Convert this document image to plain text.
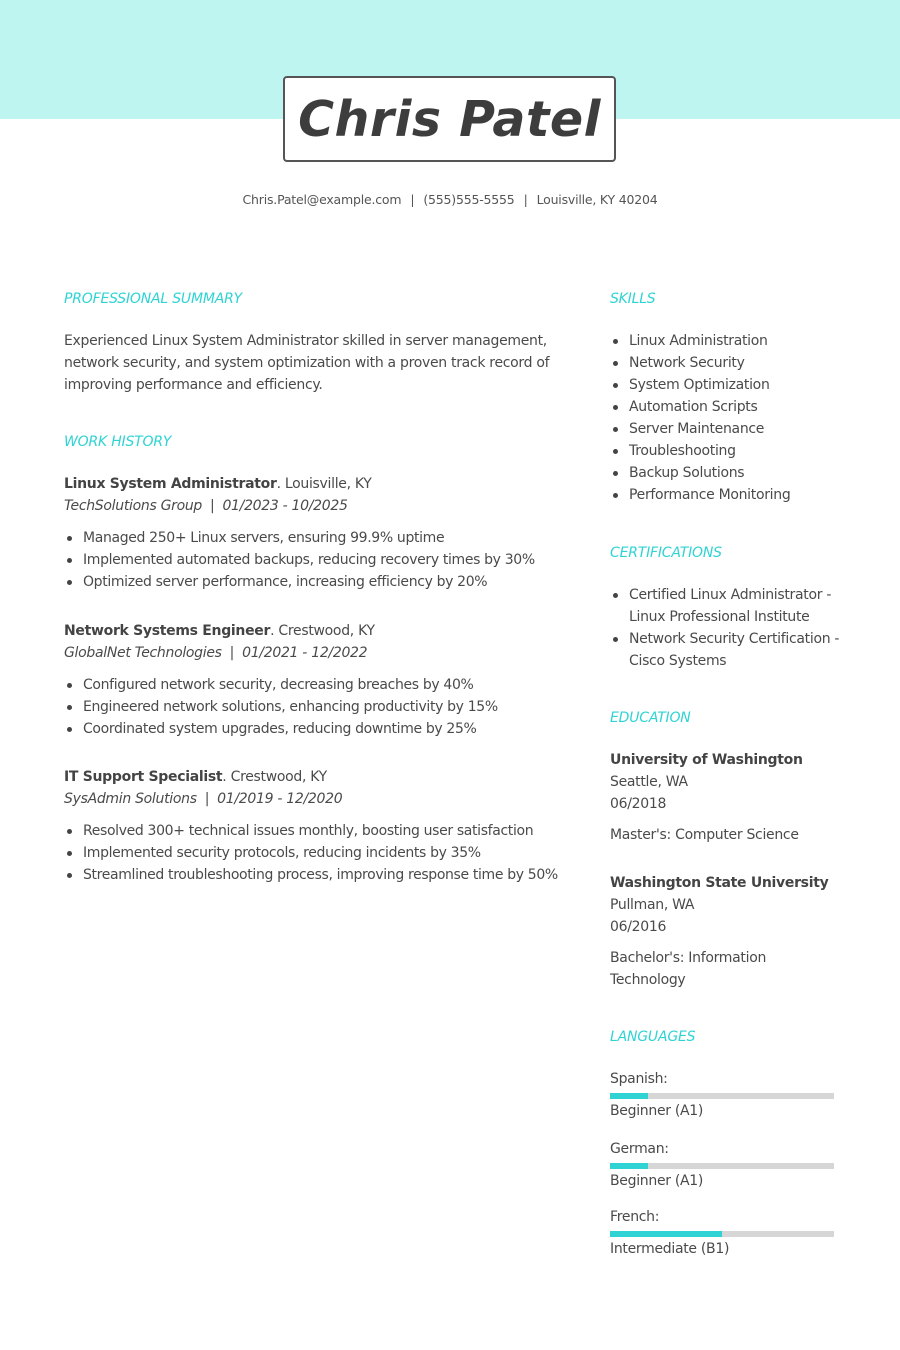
Chris Patel
Chris.Patel@example.com | (555)555-5555 | Louisville, KY 40204
PROFESSIONAL SUMMARY

Experienced Linux System Administrator skilled in server management, network security, and system optimization with a proven track record of improving performance and efficiency.

WORK HISTORY
Linux System Administrator. Louisville, KY
TechSolutions Group | 01/2023 - 10/2025
Managed 250+ Linux servers, ensuring 99.9% uptime
Implemented automated backups, reducing recovery times by 30%
Optimized server performance, increasing efficiency by 20%
Network Systems Engineer. Crestwood, KY
GlobalNet Technologies | 01/2021 - 12/2022
Configured network security, decreasing breaches by 40%
Engineered network solutions, enhancing productivity by 15%
Coordinated system upgrades, reducing downtime by 25%
IT Support Specialist. Crestwood, KY
SysAdmin Solutions | 01/2019 - 12/2020
Resolved 300+ technical issues monthly, boosting user satisfaction
Implemented security protocols, reducing incidents by 35%
Streamlined troubleshooting process, improving response time by 50%
SKILLS
Linux Administration
Network Security
System Optimization
Automation Scripts
Server Maintenance
Troubleshooting
Backup Solutions
Performance Monitoring
CERTIFICATIONS
Certified Linux Administrator - Linux Professional Institute
Network Security Certification - Cisco Systems
EDUCATION
University of Washington
Seattle, WA
06/2018
Master's: Computer Science
Washington State University
Pullman, WA
06/2016
Bachelor's: Information Technology
LANGUAGES
Spanish:
Beginner (A1)
German:
Beginner (A1)
French:
Intermediate (B1)
